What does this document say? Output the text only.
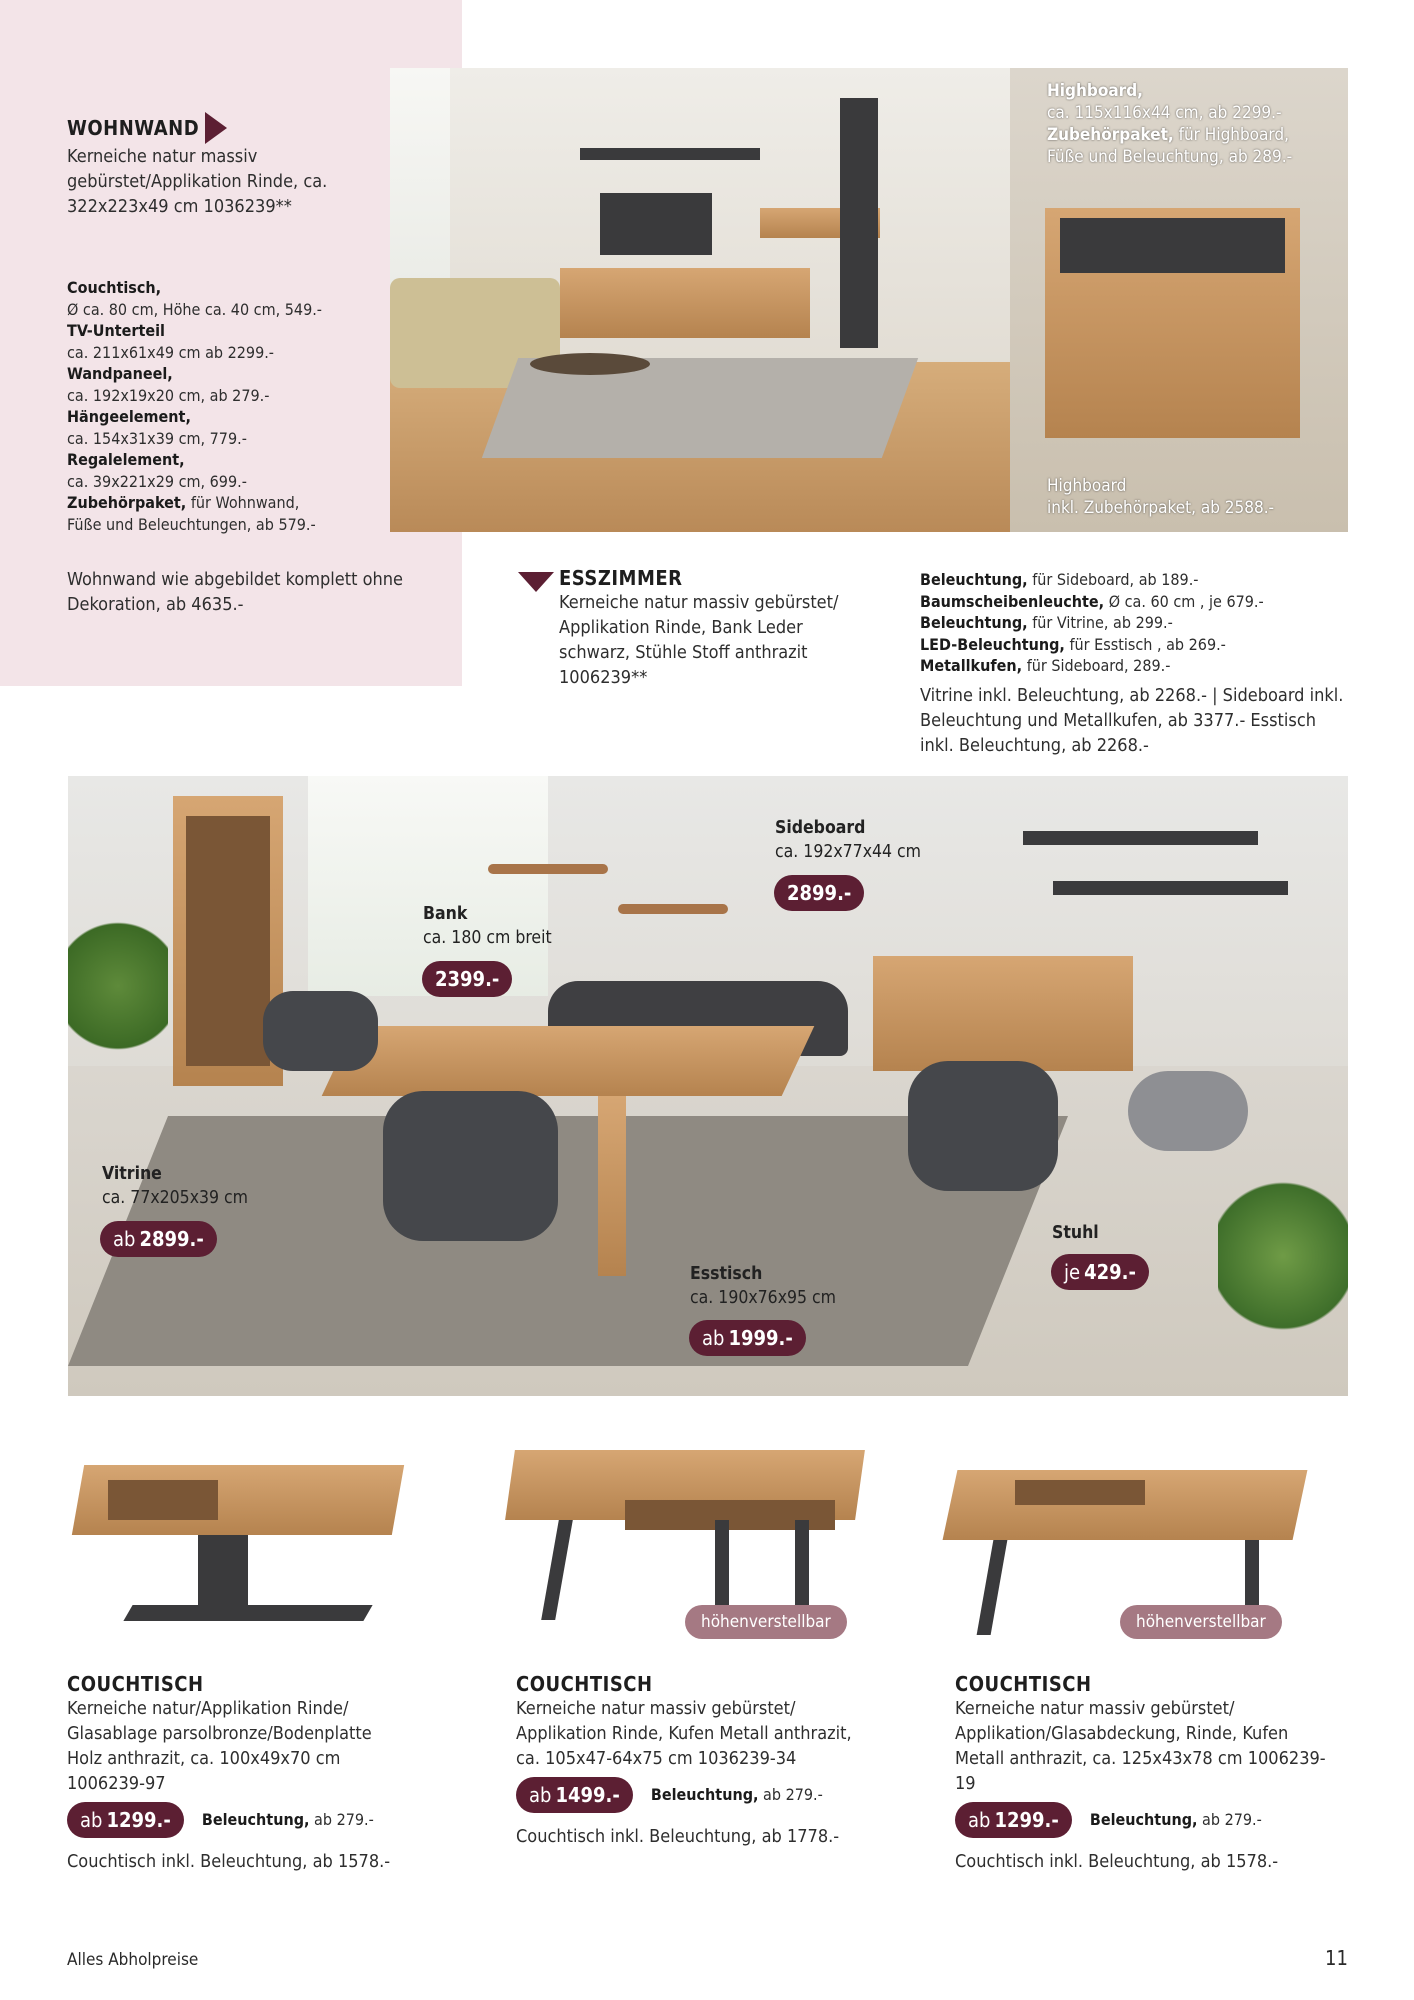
WOHNWAND
Kerneiche natur massiv gebürstet/Applikation Rinde, ca. 322x223x49 cm 1036239**
Couchtisch,
Ø ca. 80 cm, Höhe ca. 40 cm, 549.-
TV-Unterteil
ca. 211x61x49 cm ab 2299.-
Wandpaneel,
ca. 192x19x20 cm, ab 279.-
Hängeelement,
ca. 154x31x39 cm, 779.-
Regalelement,
ca. 39x221x29 cm, 699.-
Zubehörpaket, für Wohnwand,
Füße und Beleuchtungen, ab 579.-
Wohnwand wie abgebildet komplett ohne Dekoration, ab 4635.-
Highboard,
ca. 115x116x44 cm, ab 2299.-
Zubehörpaket, für Highboard,
Füße und Beleuchtung, ab 289.-
Highboard
inkl. Zubehörpaket, ab 2588.-
ESSZIMMER
Kerneiche natur massiv gebürstet/ Applikation Rinde, Bank Leder schwarz, Stühle Stoff anthrazit 1006239**
Beleuchtung, für Sideboard, ab 189.-
Baumscheibenleuchte, Ø ca. 60 cm , je 679.-
Beleuchtung, für Vitrine, ab 299.-
LED-Beleuchtung, für Esstisch , ab 269.-
Metallkufen, für Sideboard, 289.-
Vitrine inkl. Beleuchtung, ab 2268.- | Sideboard inkl. Beleuchtung und Metallkufen, ab 3377.- Esstisch inkl. Beleuchtung, ab 2268.-
Sideboard
ca. 192x77x44 cm
2899.-
Bank
ca. 180 cm breit
2399.-
Vitrine
ca. 77x205x39 cm
ab 2899.-	Stuhl
je 429.-
Esstisch
ca. 190x76x95 cm
ab 1999.-
höhenverstellbar	höhenverstellbar
COUCHTISCH
Kerneiche natur/Applikation Rinde/ Glasablage parsolbronze/Bodenplatte Holz anthrazit, ca. 100x49x70 cm 1006239-97
ab 1299.-	Beleuchtung, ab 279.-
Couchtisch inkl. Beleuchtung, ab 1578.-
COUCHTISCH
Kerneiche natur massiv gebürstet/ Applikation Rinde, Kufen Metall anthrazit, ca. 105x47-64x75 cm 1036239-34
ab 1499.-	Beleuchtung, ab 279.-
Couchtisch inkl. Beleuchtung, ab 1778.-
COUCHTISCH
Kerneiche natur massiv gebürstet/ Applikation/Glasabdeckung, Rinde, Kufen Metall anthrazit, ca. 125x43x78 cm 1006239-19
ab 1299.-	Beleuchtung, ab 279.-
Couchtisch inkl. Beleuchtung, ab 1578.-
Alles Abholpreise	11
